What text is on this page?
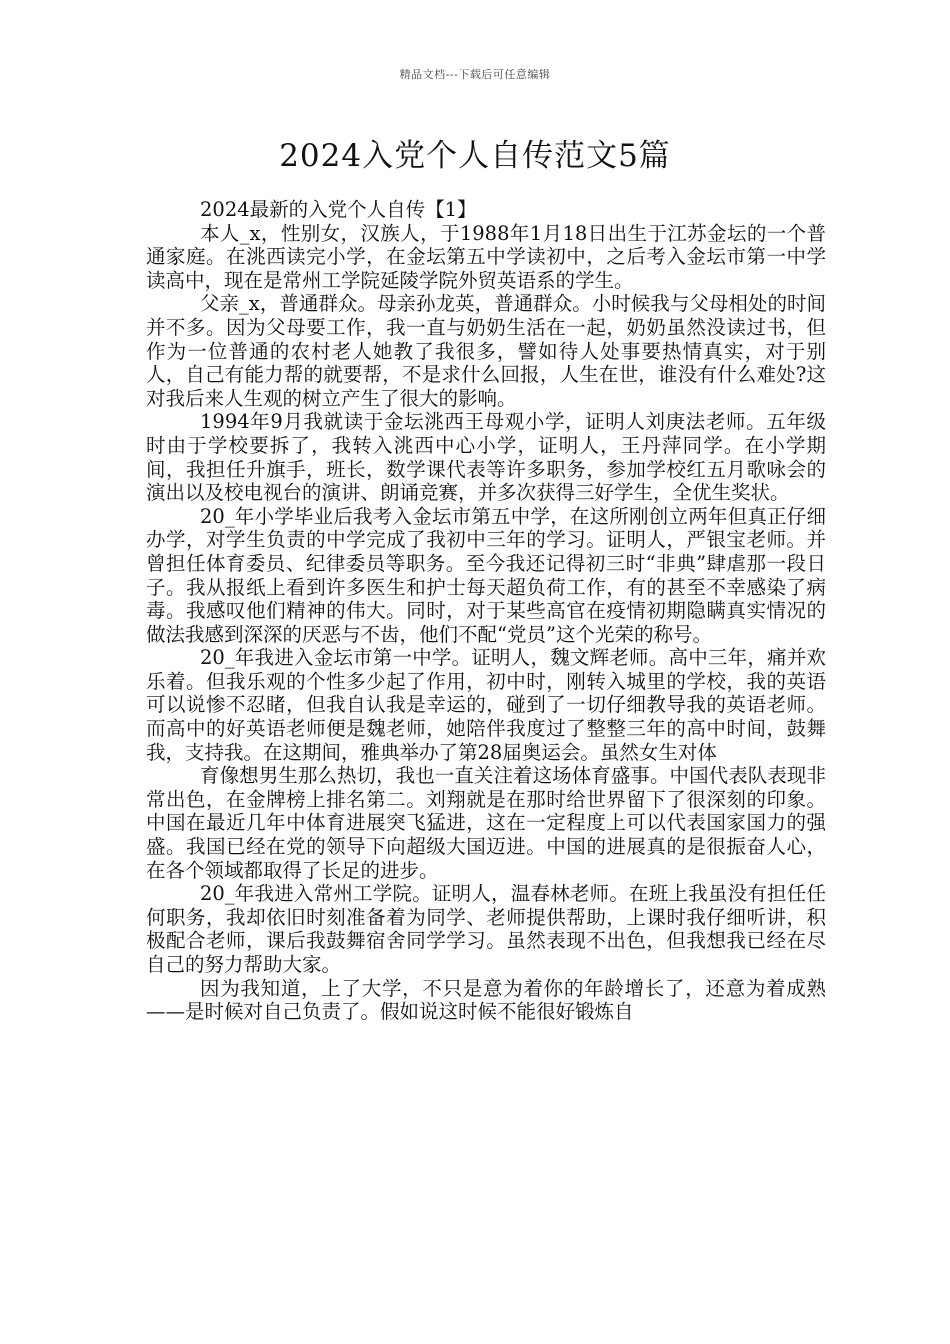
精品文档---下载后可任意编辑
2024入党个人自传范文5篇

2024最新的入党个人自传【1】

本人_x，性别女，汉族人，于1988年1月18日出生于江苏金坛的一个普通家庭。在洮西读完小学，在金坛第五中学读初中，之后考入金坛市第一中学读高中，现在是常州工学院延陵学院外贸英语系的学生。

父亲_x，普通群众。母亲孙龙英，普通群众。小时候我与父母相处的时间并不多。因为父母要工作，我一直与奶奶生活在一起，奶奶虽然没读过书，但作为一位普通的农村老人她教了我很多，譬如待人处事要热情真实，对于别人，自己有能力帮的就要帮，不是求什么回报，人生在世，谁没有什么难处?这对我后来人生观的树立产生了很大的影响。

1994年9月我就读于金坛洮西王母观小学，证明人刘庚法老师。五年级时由于学校要拆了，我转入洮西中心小学，证明人，王丹萍同学。在小学期间，我担任升旗手，班长，数学课代表等许多职务，参加学校红五月歌咏会的演出以及校电视台的演讲、朗诵竞赛，并多次获得三好学生，全优生奖状。

20_年小学毕业后我考入金坛市第五中学，在这所刚创立两年但真正仔细办学，对学生负责的中学完成了我初中三年的学习。证明人，严银宝老师。并曾担任体育委员、纪律委员等职务。至今我还记得初三时“非典”肆虐那一段日子。我从报纸上看到许多医生和护士每天超负荷工作，有的甚至不幸感染了病毒。我感叹他们精神的伟大。同时，对于某些高官在疫情初期隐瞒真实情况的做法我感到深深的厌恶与不齿，他们不配“党员”这个光荣的称号。

20_年我进入金坛市第一中学。证明人，魏文辉老师。高中三年，痛并欢乐着。但我乐观的个性多少起了作用，初中时，刚转入城里的学校，我的英语可以说惨不忍睹，但我自认我是幸运的，碰到了一切仔细教导我的英语老师。而高中的好英语老师便是魏老师，她陪伴我度过了整整三年的高中时间，鼓舞我，支持我。在这期间，雅典举办了第28届奥运会。虽然女生对体

育像想男生那么热切，我也一直关注着这场体育盛事。中国代表队表现非常出色，在金牌榜上排名第二。刘翔就是在那时给世界留下了很深刻的印象。中国在最近几年中体育进展突飞猛进，这在一定程度上可以代表国家国力的强盛。我国已经在党的领导下向超级大国迈进。中国的进展真的是很振奋人心，在各个领域都取得了长足的进步。

20_年我进入常州工学院。证明人，温春林老师。在班上我虽没有担任任何职务，我却依旧时刻准备着为同学、老师提供帮助，上课时我仔细听讲，积极配合老师，课后我鼓舞宿舍同学学习。虽然表现不出色，但我想我已经在尽自己的努力帮助大家。

因为我知道，上了大学，不只是意为着你的年龄增长了，还意为着成熟——是时候对自己负责了。假如说这时候不能很好锻炼自
